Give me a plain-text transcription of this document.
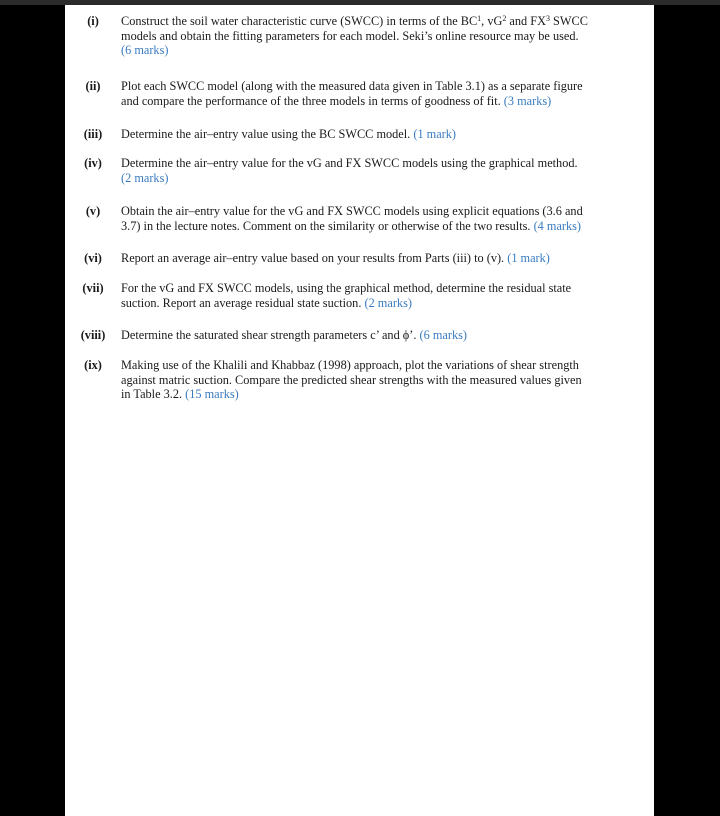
(i)	Construct the soil water characteristic curve (SWCC) in terms of the $BC^1$, $vG^2$ and $FX^3$ SWCC
models and obtain the fitting parameters for each model. Seki’s online resource may be used.
(6 marks)
(ii)	Plot each SWCC model (along with the measured data given in Table 3.1) as a separate figure
and compare the performance of the three models in terms of goodness of fit. (3 marks)
(iii)	Determine the air–entry value using the BC SWCC model. (1 mark)
(iv)	Determine the air–entry value for the vG and FX SWCC models using the graphical method.
(2 marks)
(v)	Obtain the air–entry value for the vG and FX SWCC models using explicit equations (3.6 and
3.7) in the lecture notes. Comment on the similarity or otherwise of the two results. (4 marks)
(vi)	Report an average air–entry value based on your results from Parts (iii) to (v). (1 mark)
(vii)	For the vG and FX SWCC models, using the graphical method, determine the residual state
suction. Report an average residual state suction. (2 marks)
(viii)	Determine the saturated shear strength parameters c’ and ϕ’. (6 marks)
(ix)	Making use of the Khalili and Khabbaz (1998) approach, plot the variations of shear strength
against matric suction. Compare the predicted shear strengths with the measured values given
in Table 3.2. (15 marks)
